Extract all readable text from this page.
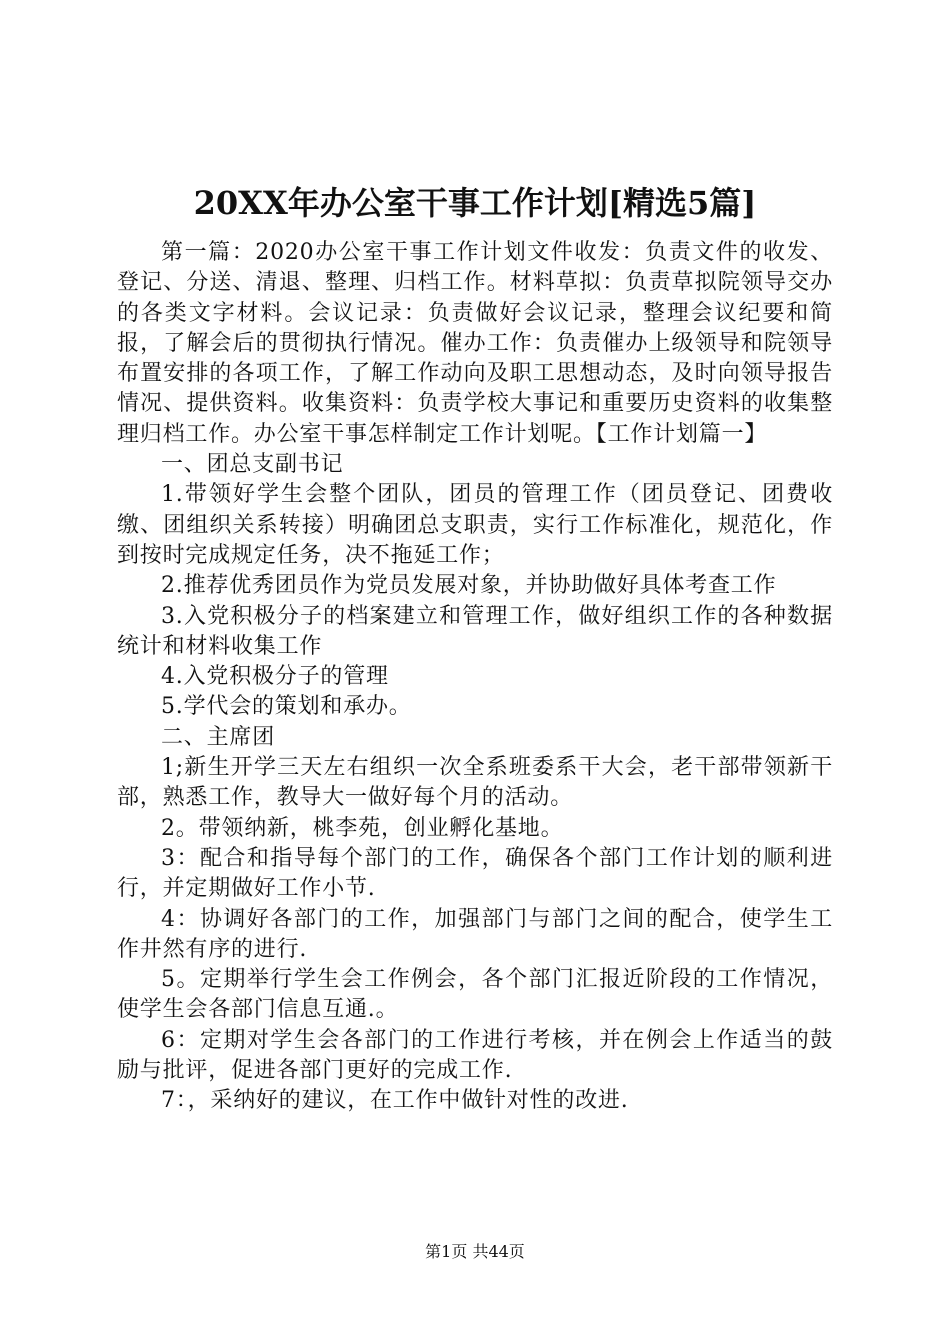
20XX年办公室干事工作计划[精选5篇]

第一篇：2020办公室干事工作计划文件收发：负责文件的收发、登记、分送、清退、整理、归档工作。材料草拟：负责草拟院领导交办的各类文字材料。会议记录：负责做好会议记录，整理会议纪要和简报，了解会后的贯彻执行情况。催办工作：负责催办上级领导和院领导布置安排的各项工作，了解工作动向及职工思想动态，及时向领导报告情况、提供资料。收集资料：负责学校大事记和重要历史资料的收集整理归档工作。办公室干事怎样制定工作计划呢。【工作计划篇一】

一、团总支副书记

1.带领好学生会整个团队，团员的管理工作（团员登记、团费收缴、团组织关系转接）明确团总支职责，实行工作标准化，规范化，作到按时完成规定任务，决不拖延工作；

2.推荐优秀团员作为党员发展对象，并协助做好具体考查工作

3.入党积极分子的档案建立和管理工作，做好组织工作的各种数据统计和材料收集工作

4.入党积极分子的管理

5.学代会的策划和承办。

二、主席团

1;新生开学三天左右组织一次全系班委系干大会，老干部带领新干部，熟悉工作，教导大一做好每个月的活动。

2。带领纳新，桃李苑，创业孵化基地。

3：配合和指导每个部门的工作，确保各个部门工作计划的顺利进行，并定期做好工作小节.

4：协调好各部门的工作，加强部门与部门之间的配合，使学生工作井然有序的进行.

5。定期举行学生会工作例会，各个部门汇报近阶段的工作情况，使学生会各部门信息互通.。

6：定期对学生会各部门的工作进行考核，并在例会上作适当的鼓励与批评，促进各部门更好的完成工作.

7：，采纳好的建议，在工作中做针对性的改进.

第1页 共44页
